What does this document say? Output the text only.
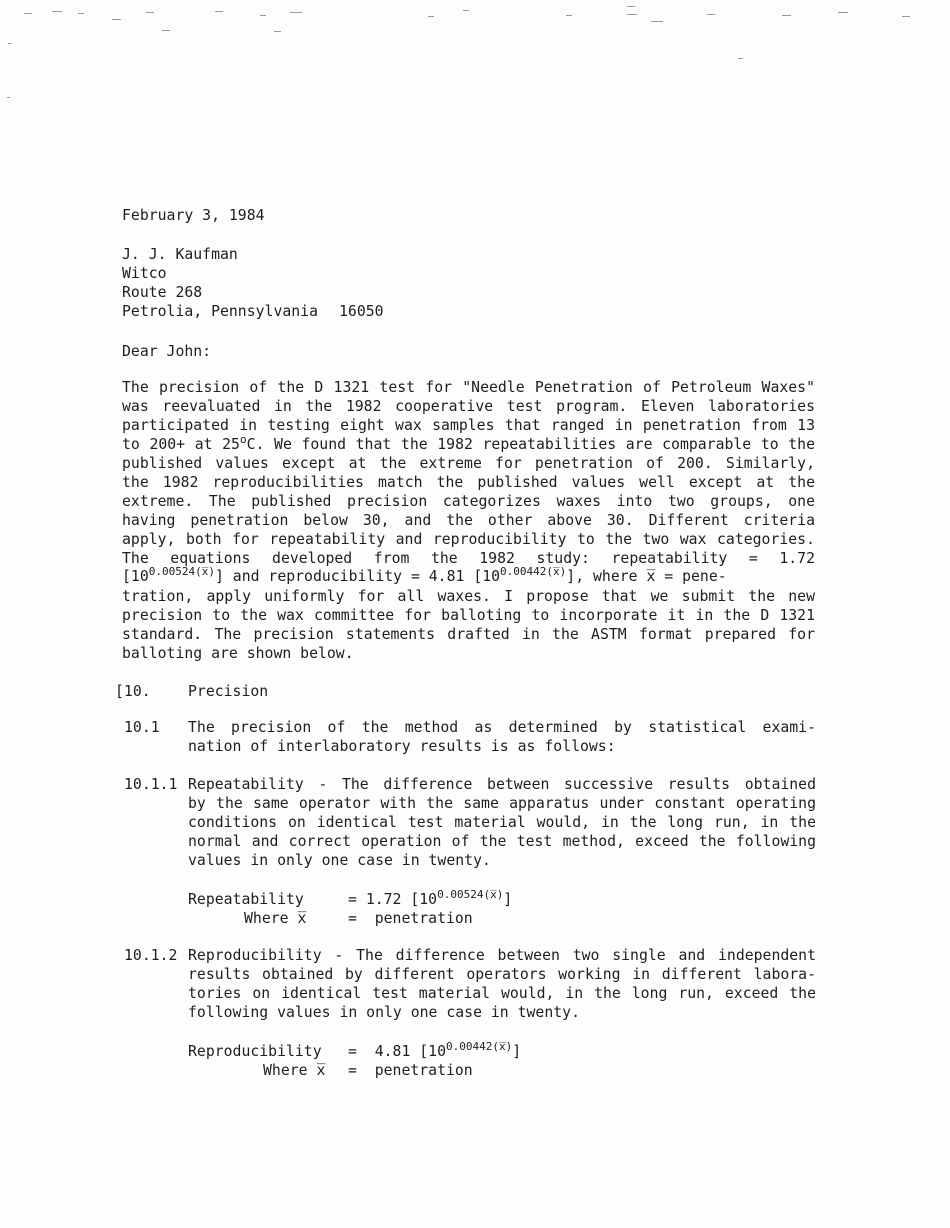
February 3, 1984
J. J. Kaufman
Witco
Route 268
Petrolia, Pennsylvania 16050
Dear John:
The precision of the D 1321 test for "Needle Penetration of Petroleum Waxes"
was reevaluated in the 1982 cooperative test program. Eleven laboratories
participated in testing eight wax samples that ranged in penetration from 13
to 200+ at 25$^o$C. We found that the 1982 repeatabilities are comparable to the
published values except at the extreme for penetration of 200. Similarly,
the 1982 reproducibilities match the published values well except at the
extreme. The published precision categorizes waxes into two groups, one
having penetration below 30, and the other above 30. Different criteria
apply, both for repeatability and reproducibility to the two wax categories.
The equations developed from the 1982 study: repeatability = 1.72
$[10^{0.00524(x̅)}]$ and reproducibility = 4.81 $[10^{0.00442(x̅)}]$, where x̅ = pene-
tration, apply uniformly for all waxes. I propose that we submit the new
precision to the wax committee for balloting to incorporate it in the D 1321
standard. The precision statements drafted in the ASTM format prepared for
balloting are shown below.
[10.	Precision
10.1 The precision of the method as determined by statistical exami-
nation of interlaboratory results is as follows:
10.1.1 Repeatability - The difference between successive results obtained
by the same operator with the same apparatus under constant operating
conditions on identical test material would, in the long run, in the
normal and correct operation of the test method, exceed the following
values in only one case in twenty.
Repeatability	= 1.72 $[10^{0.00524(x̅)}]$
Where x̅	=  penetration
10.1.2 Reproducibility - The difference between two single and independent
results obtained by different operators working in different labora-
tories on identical test material would, in the long run, exceed the
following values in only one case in twenty.
Reproducibility =  4.81 $[10^{0.00442(x̅)}]$
Where x̅ =  penetration
